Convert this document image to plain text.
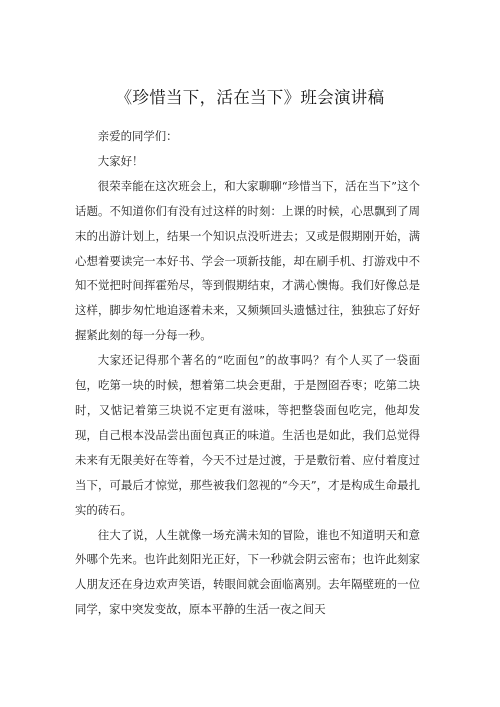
《珍惜当下，活在当下》班会演讲稿

亲爱的同学们：

大家好！

很荣幸能在这次班会上，和大家聊聊“珍惜当下，活在当下”这个话题。不知道你们有没有过这样的时刻：上课的时候，心思飘到了周末的出游计划上，结果一个知识点没听进去；又或是假期刚开始，满心想着要读完一本好书、学会一项新技能，却在刷手机、打游戏中不知不觉把时间挥霍殆尽，等到假期结束，才满心懊悔。我们好像总是这样，脚步匆忙地追逐着未来，又频频回头遗憾过往，独独忘了好好握紧此刻的每一分每一秒。

大家还记得那个著名的“吃面包”的故事吗？有个人买了一袋面包，吃第一块的时候，想着第二块会更甜，于是囫囵吞枣；吃第二块时，又惦记着第三块说不定更有滋味，等把整袋面包吃完，他却发现，自己根本没品尝出面包真正的味道。生活也是如此，我们总觉得未来有无限美好在等着，今天不过是过渡，于是敷衍着、应付着度过当下，可最后才惊觉，那些被我们忽视的“今天”，才是构成生命最扎实的砖石。

往大了说，人生就像一场充满未知的冒险，谁也不知道明天和意外哪个先来。也许此刻阳光正好，下一秒就会阴云密布；也许此刻家人朋友还在身边欢声笑语，转眼间就会面临离别。去年隔壁班的一位同学，家中突发变故，原本平静的生活一夜之间天
